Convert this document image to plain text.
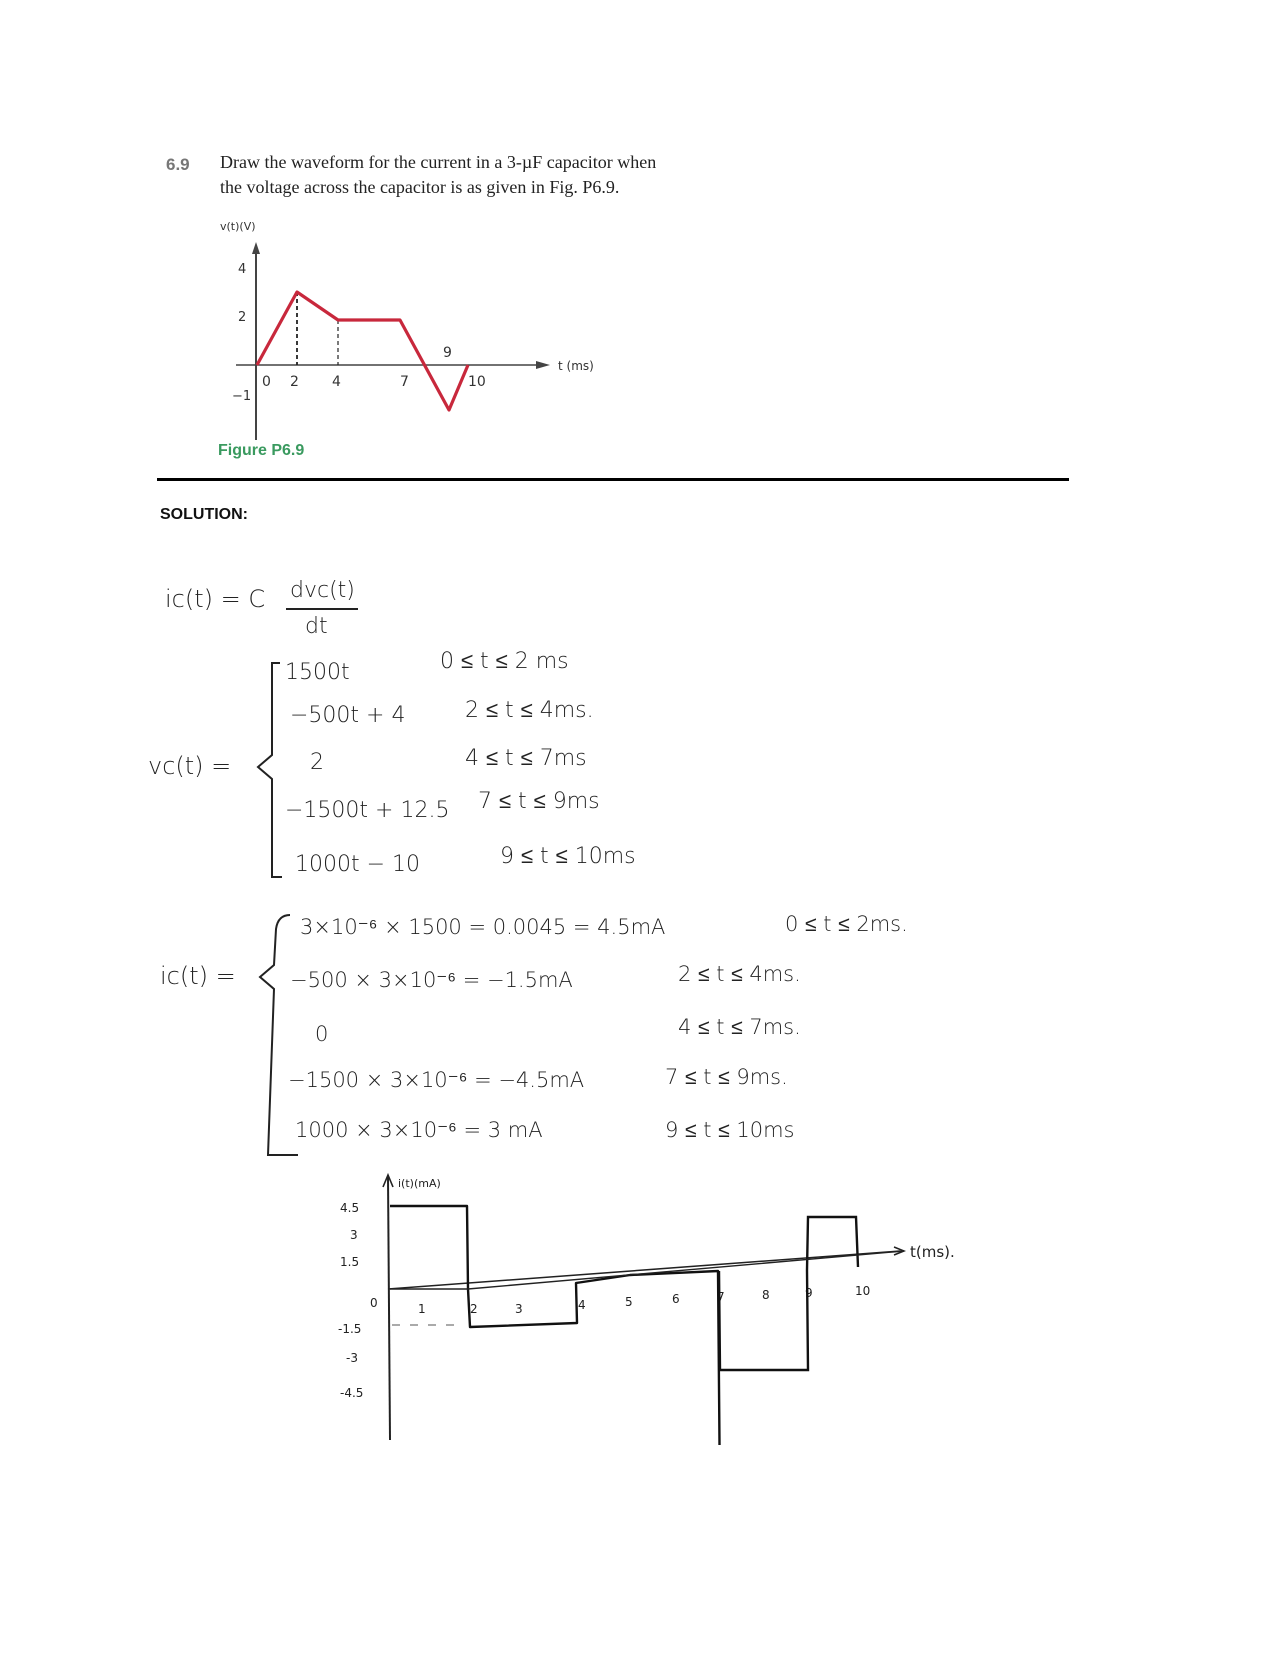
6.9 Draw the waveform for the current in a 3-µF capacitor when
the voltage across the capacitor is as given in Fig. P6.9.
v(t)(V)
t (ms)
4
2
−1
0 2 4	7
9
10
Figure P6.9
SOLUTION:
iс(t) = C dvс(t)
dt
vс(t) =
1500t	0 ≤ t ≤ 2 ms
−500t + 4	2 ≤ t ≤ 4ms.
2	4 ≤ t ≤ 7ms
−1500t + 12.5 7 ≤ t ≤ 9ms
1000t − 10	9 ≤ t ≤ 10ms
iс(t) =
3×10⁻⁶ × 1500 = 0.0045 = 4.5mA	0 ≤ t ≤ 2ms.
−500 × 3×10⁻⁶ = −1.5mA	2 ≤ t ≤ 4ms.
0	4 ≤ t ≤ 7ms.
−1500 × 3×10⁻⁶ = −4.5mA	7 ≤ t ≤ 9ms.
1000 × 3×10⁻⁶ = 3 mA	9 ≤ t ≤ 10ms
i(t)(mA)
t(ms).
4.5
3
1.5
0
-1.5
-3
-4.5
1	2	3	4	5	6	7	8	9	10
